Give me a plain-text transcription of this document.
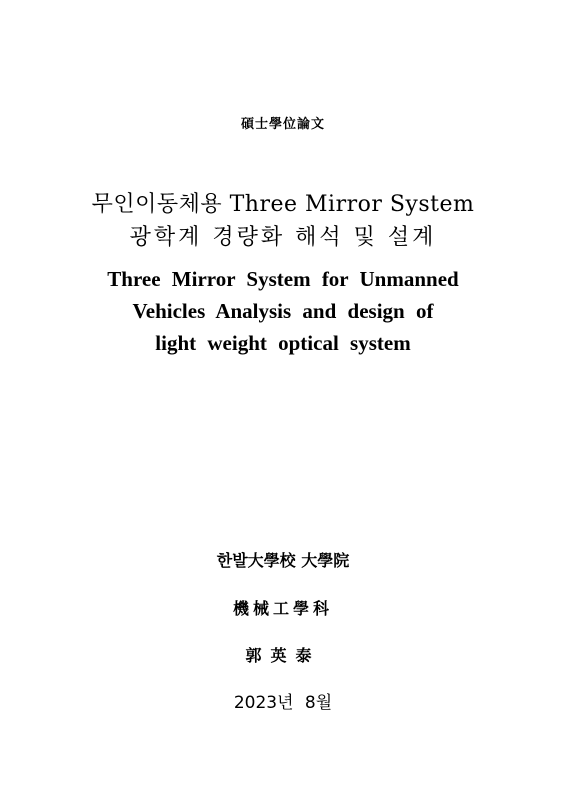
碩士學位論文
무인이동체용 Three Mirror System
광학계 경량화 해석 및 설계
Three Mirror System for Unmanned
Vehicles Analysis and design of
light weight optical system
한발大學校 大學院
機械工學科
郭英泰
2023년 8월
